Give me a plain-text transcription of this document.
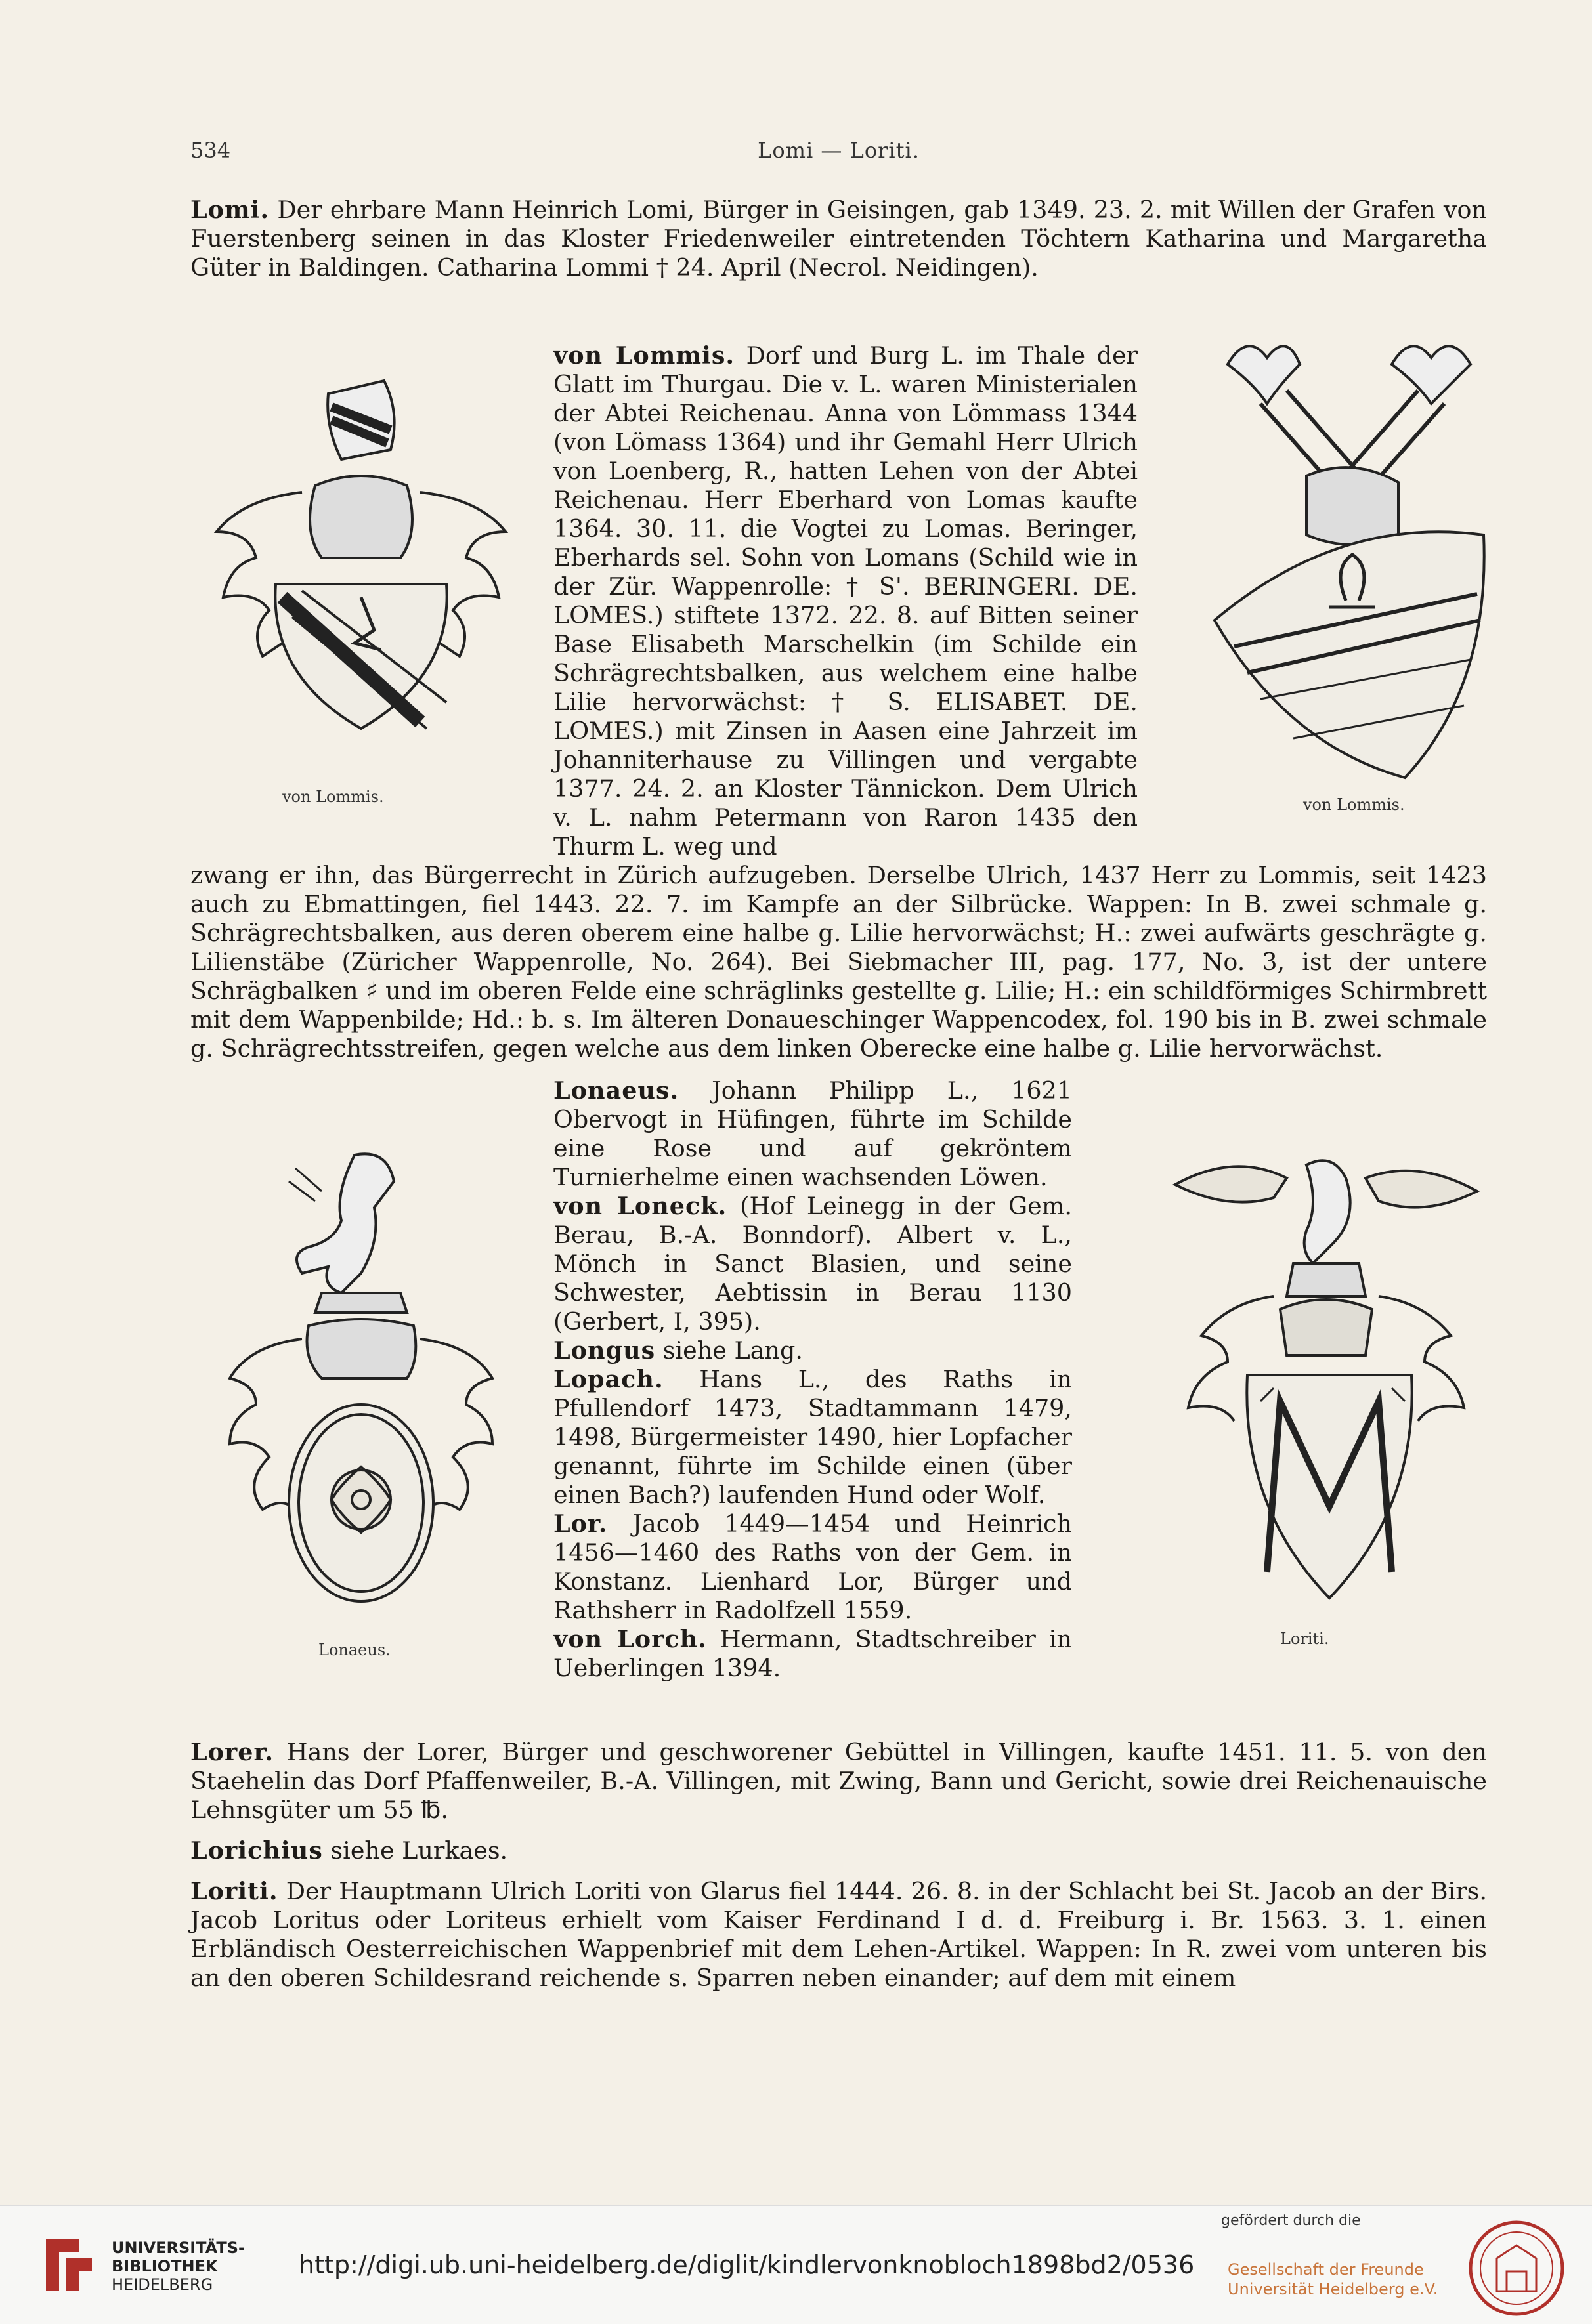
534	Lomi — Loriti.

Lomi. Der ehrbare Mann Heinrich Lomi, Bürger in Geisingen, gab 1349. 23. 2. mit Willen der Grafen von Fuerstenberg seinen in das Kloster Friedenweiler eintretenden Töchtern Katharina und Margaretha Güter in Baldingen. Catharina Lommi † 24. April (Necrol. Neidingen).

von Lommis. Dorf und Burg L. im Thale der Glatt im Thurgau. Die v. L. waren Ministerialen der Abtei Reichenau. Anna von Lömmass 1344 (von Lömass 1364) und ihr Gemahl Herr Ulrich von Loenberg, R., hatten Lehen von der Abtei Reichenau. Herr Eberhard von Lomas kaufte 1364. 30. 11. die Vogtei zu Lomas. Beringer, Eberhards sel. Sohn von Lomans (Schild wie in der Zür. Wappenrolle: † S'. BERINGERI. DE. LOMES.) stiftete 1372. 22. 8. auf Bitten seiner Base Elisabeth Marschelkin (im Schilde ein Schrägrechtsbalken, aus welchem eine halbe Lilie hervorwächst: † S. ELISABET. DE. LOMES.) mit Zinsen in Aasen eine Jahrzeit im Johanniterhause zu Villingen und vergabte 1377. 24. 2. an Kloster Tännickon. Dem Ulrich v. L. nahm Petermann von Raron 1435 den Thurm L. weg und

zwang er ihn, das Bürgerrecht in Zürich aufzugeben. Derselbe Ulrich, 1437 Herr zu Lommis, seit 1423 auch zu Ebmattingen, fiel 1443. 22. 7. im Kampfe an der Silbrücke. Wappen: In B. zwei schmale g. Schrägrechtsbalken, aus deren oberem eine halbe g. Lilie hervorwächst; H.: zwei aufwärts geschrägte g. Lilienstäbe (Züricher Wappenrolle, No. 264). Bei Siebmacher III, pag. 177, No. 3, ist der untere Schrägbalken ♯ und im oberen Felde eine schräglinks gestellte g. Lilie; H.: ein schildförmiges Schirmbrett mit dem Wappenbilde; Hd.: b. s. Im älteren Donaueschinger Wappencodex, fol. 190 bis in B. zwei schmale g. Schrägrechtsstreifen, gegen welche aus dem linken Oberecke eine halbe g. Lilie hervorwächst.

Lonaeus. Johann Philipp L., 1621 Obervogt in Hüfingen, führte im Schilde eine Rose und auf gekröntem Turnierhelme einen wachsenden Löwen.

von Loneck. (Hof Leinegg in der Gem. Berau, B.-A. Bonndorf). Albert v. L., Mönch in Sanct Blasien, und seine Schwester, Aebtissin in Berau 1130 (Gerbert, I, 395).

Longus siehe Lang.

Lopach. Hans L., des Raths in Pfullendorf 1473, Stadtammann 1479, 1498, Bürgermeister 1490, hier Lopfacher genannt, führte im Schilde einen (über einen Bach?) laufenden Hund oder Wolf.

Lor. Jacob 1449—1454 und Heinrich 1456—1460 des Raths von der Gem. in Konstanz. Lienhard Lor, Bürger und Rathsherr in Radolfzell 1559.

von Lorch. Hermann, Stadtschreiber in Ueberlingen 1394.

Lorer. Hans der Lorer, Bürger und geschworener Gebüttel in Villingen, kaufte 1451. 11. 5. von den Staehelin das Dorf Pfaffenweiler, B.-A. Villingen, mit Zwing, Bann und Gericht, sowie drei Reichenauische Lehnsgüter um 55 ℔.

Lorichius siehe Lurkaes.

Loriti. Der Hauptmann Ulrich Loriti von Glarus fiel 1444. 26. 8. in der Schlacht bei St. Jacob an der Birs. Jacob Loritus oder Loriteus erhielt vom Kaiser Ferdinand I d. d. Freiburg i. Br. 1563. 3. 1. einen Erbländisch Oesterreichischen Wappenbrief mit dem Lehen-Artikel. Wappen: In R. zwei vom unteren bis an den oberen Schildesrand reichende s. Sparren neben einander; auf dem mit einem

von Lommis.	von Lommis.
Lonaeus.
Loriti.
UNIVERSITÄTS-
BIBLIOTHEK
HEIDELBERG
http://digi.ub.uni-heidelberg.de/diglit/kindlervonknobloch1898bd2/0536
gefördert durch die
Gesellschaft der Freunde
Universität Heidelberg e.V.
